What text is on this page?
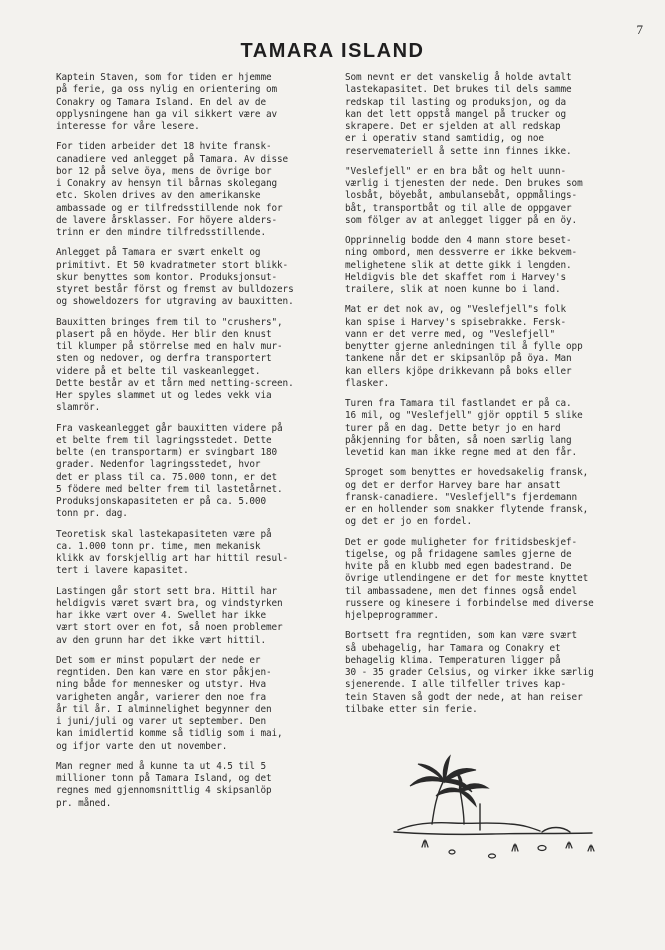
7
TAMARA ISLAND
Kaptein Staven, som for tiden er hjemme
på ferie, ga oss nylig en orientering om
Conakry og Tamara Island. En del av de
opplysningene han ga vil sikkert være av
interesse for våre lesere.
For tiden arbeider det 18 hvite fransk-
canadiere ved anlegget på Tamara. Av disse
bor 12 på selve öya, mens de övrige bor
i Conakry av hensyn til bårnas skolegang
etc. Skolen drives av den amerikanske
ambassade og er tilfredsstillende nok for
de lavere årsklasser. For höyere alders-
trinn er den mindre tilfredsstillende.
Anlegget på Tamara er svært enkelt og
primitivt. Et 50 kvadratmeter stort blikk-
skur benyttes som kontor. Produksjonsut-
styret består först og fremst av bulldozers
og showeldozers for utgraving av bauxitten.
Bauxitten bringes frem til to "crushers",
plasert på en höyde. Her blir den knust
til klumper på störrelse med en halv mur-
sten og nedover, og derfra transportert
videre på et belte til vaskeanlegget.
Dette består av et tårn med netting-screen.
Her spyles slammet ut og ledes vekk via
slamrör.
Fra vaskeanlegget går bauxitten videre på
et belte frem til lagringsstedet. Dette
belte (en transportarm) er svingbart 180
grader. Nedenfor lagringsstedet, hvor
det er plass til ca. 75.000 tonn, er det
5 födere med belter frem til lastetårnet.
Produksjonskapasiteten er på ca. 5.000
tonn pr. dag.
Teoretisk skal lastekapasiteten være på
ca. 1.000 tonn pr. time, men mekanisk
klikk av forskjellig art har hittil resul-
tert i lavere kapasitet.
Lastingen går stort sett bra. Hittil har
heldigvis været svært bra, og vindstyrken
har ikke vært over 4. Swellet har ikke
vært stort over en fot, så noen problemer
av den grunn har det ikke vært hittil.
Det som er minst populært der nede er
regntiden. Den kan være en stor påkjen-
ning både for mennesker og utstyr. Hva
varigheten angår, varierer den noe fra
år til år. I alminnelighet begynner den
i juni/juli og varer ut september. Den
kan imidlertid komme så tidlig som i mai,
og ifjor varte den ut november.
Man regner med å kunne ta ut 4.5 til 5
millioner tonn på Tamara Island, og det
regnes med gjennomsnittlig 4 skipsanlöp
pr. måned.
Som nevnt er det vanskelig å holde avtalt
lastekapasitet. Det brukes til dels samme
redskap til lasting og produksjon, og da
kan det lett oppstå mangel på trucker og
skrapere. Det er sjelden at all redskap
er i operativ stand samtidig, og noe
reservemateriell å sette inn finnes ikke.
"Veslefjell" er en bra båt og helt uunn-
værlig i tjenesten der nede. Den brukes som
losbåt, böyebåt, ambulansebåt, oppmålings-
båt, transportbåt og til alle de oppgaver
som fölger av at anlegget ligger på en öy.
Opprinnelig bodde den 4 mann store beset-
ning ombord, men dessverre er ikke bekvem-
melighetene slik at dette gikk i lengden.
Heldigvis ble det skaffet rom i Harvey's
trailere, slik at noen kunne bo i land.
Mat er det nok av, og "Veslefjell"s folk
kan spise i Harvey's spisebrakke. Fersk-
vann er det verre med, og "Veslefjell"
benytter gjerne anledningen til å fylle opp
tankene når det er skipsanlöp på öya. Man
kan ellers kjöpe drikkevann på boks eller
flasker.
Turen fra Tamara til fastlandet er på ca.
16 mil, og "Veslefjell" gjör opptil 5 slike
turer på en dag. Dette betyr jo en hard
påkjenning for båten, så noen særlig lang
levetid kan man ikke regne med at den får.
Sproget som benyttes er hovedsakelig fransk,
og det er derfor Harvey bare har ansatt
fransk-canadiere. "Veslefjell"s fjerdemann
er en hollender som snakker flytende fransk,
og det er jo en fordel.
Det er gode muligheter for fritidsbeskjef-
tigelse, og på fridagene samles gjerne de
hvite på en klubb med egen badestrand. De
övrige utlendingene er det for meste knyttet
til ambassadene, men det finnes også endel
russere og kinesere i forbindelse med diverse
hjelpeprogrammer.
Bortsett fra regntiden, som kan være svært
så ubehagelig, har Tamara og Conakry et
behagelig klima. Temperaturen ligger på
30 - 35 grader Celsius, og virker ikke særlig
sjenerende. I alle tilfeller trives kap-
tein Staven så godt der nede, at han reiser
tilbake etter sin ferie.
